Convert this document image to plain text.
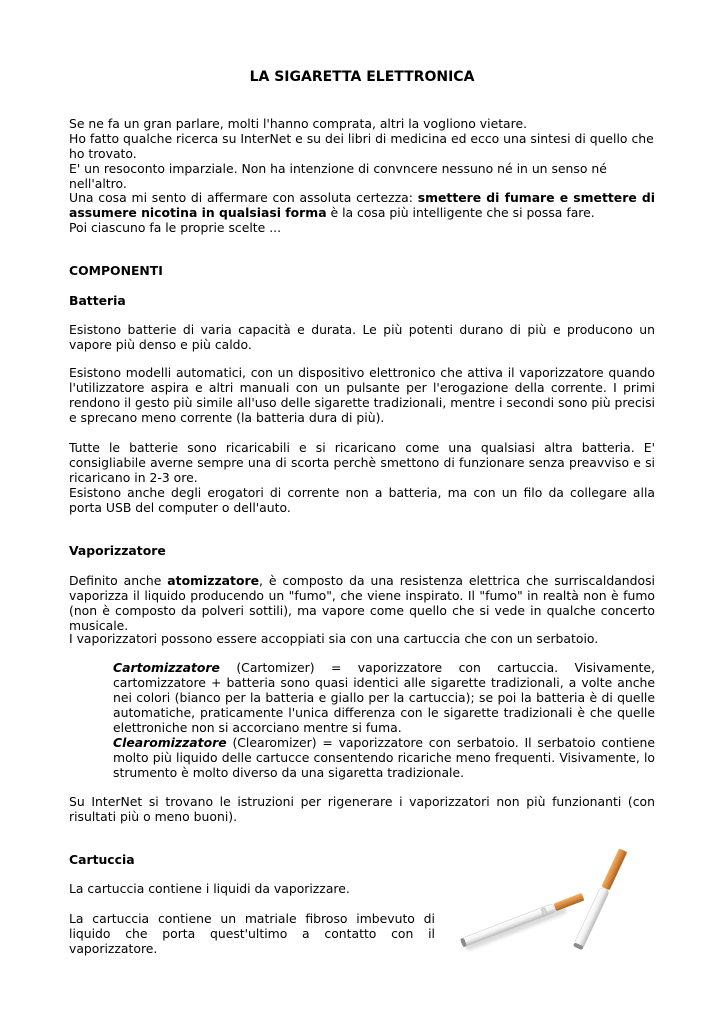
LA SIGARETTA ELETTRONICA

Se ne fa un gran parlare, molti l'hanno comprata, altri la vogliono vietare.
Ho fatto qualche ricerca su InterNet e su dei libri di medicina ed ecco una sintesi di quello che ho trovato.

E' un resoconto imparziale. Non ha intenzione di convncere nessuno né in un senso né nell'altro.

Una cosa mi sento di affermare con assoluta certezza: smettere di fumare e smettere di assumere nicotina in qualsiasi forma è la cosa più intelligente che si possa fare.
Poi ciascuno fa le proprie scelte ...

COMPONENTI

Batteria

Esistono batterie di varia capacità e durata. Le più potenti durano di più e producono un vapore più denso e più caldo.

Esistono modelli automatici, con un dispositivo elettronico che attiva il vaporizzatore quando l'utilizzatore aspira e altri manuali con un pulsante per l'erogazione della corrente. I primi rendono il gesto più simile all'uso delle sigarette tradizionali, mentre i secondi sono più precisi e sprecano meno corrente (la batteria dura di più).

Tutte le batterie sono ricaricabili e si ricaricano come una qualsiasi altra batteria. E' consigliabile averne sempre una di scorta perchè smettono di funzionare senza preavviso e si ricaricano in 2-3 ore.

Esistono anche degli erogatori di corrente non a batteria, ma con un filo da collegare alla porta USB del computer o dell'auto.

Vaporizzatore

Definito anche atomizzatore, è composto da una resistenza elettrica che surriscaldandosi vaporizza il liquido producendo un "fumo", che viene inspirato. Il "fumo" in realtà non è fumo (non è composto da polveri sottili), ma vapore come quello che si vede in qualche concerto musicale.

I vaporizzatori possono essere accoppiati sia con una cartuccia che con un serbatoio.

Cartomizzatore (Cartomizer) = vaporizzatore con cartuccia. Visivamente, cartomizzatore + batteria sono quasi identici alle sigarette tradizionali, a volte anche nei colori (bianco per la batteria e giallo per la cartuccia); se poi la batteria è di quelle automatiche, praticamente l'unica differenza con le sigarette tradizionali è che quelle elettroniche non si accorciano mentre si fuma.

Clearomizzatore (Clearomizer) = vaporizzatore con serbatoio. Il serbatoio contiene molto più liquido delle cartucce consentendo ricariche meno frequenti. Visivamente, lo strumento è molto diverso da una sigaretta tradizionale.

Su InterNet si trovano le istruzioni per rigenerare i vaporizzatori non più funzionanti (con risultati più o meno buoni).

Cartuccia

La cartuccia contiene i liquidi da vaporizzare.

La cartuccia contiene un matriale fibroso imbevuto di liquido che porta quest'ultimo a contatto con il vaporizzatore.
